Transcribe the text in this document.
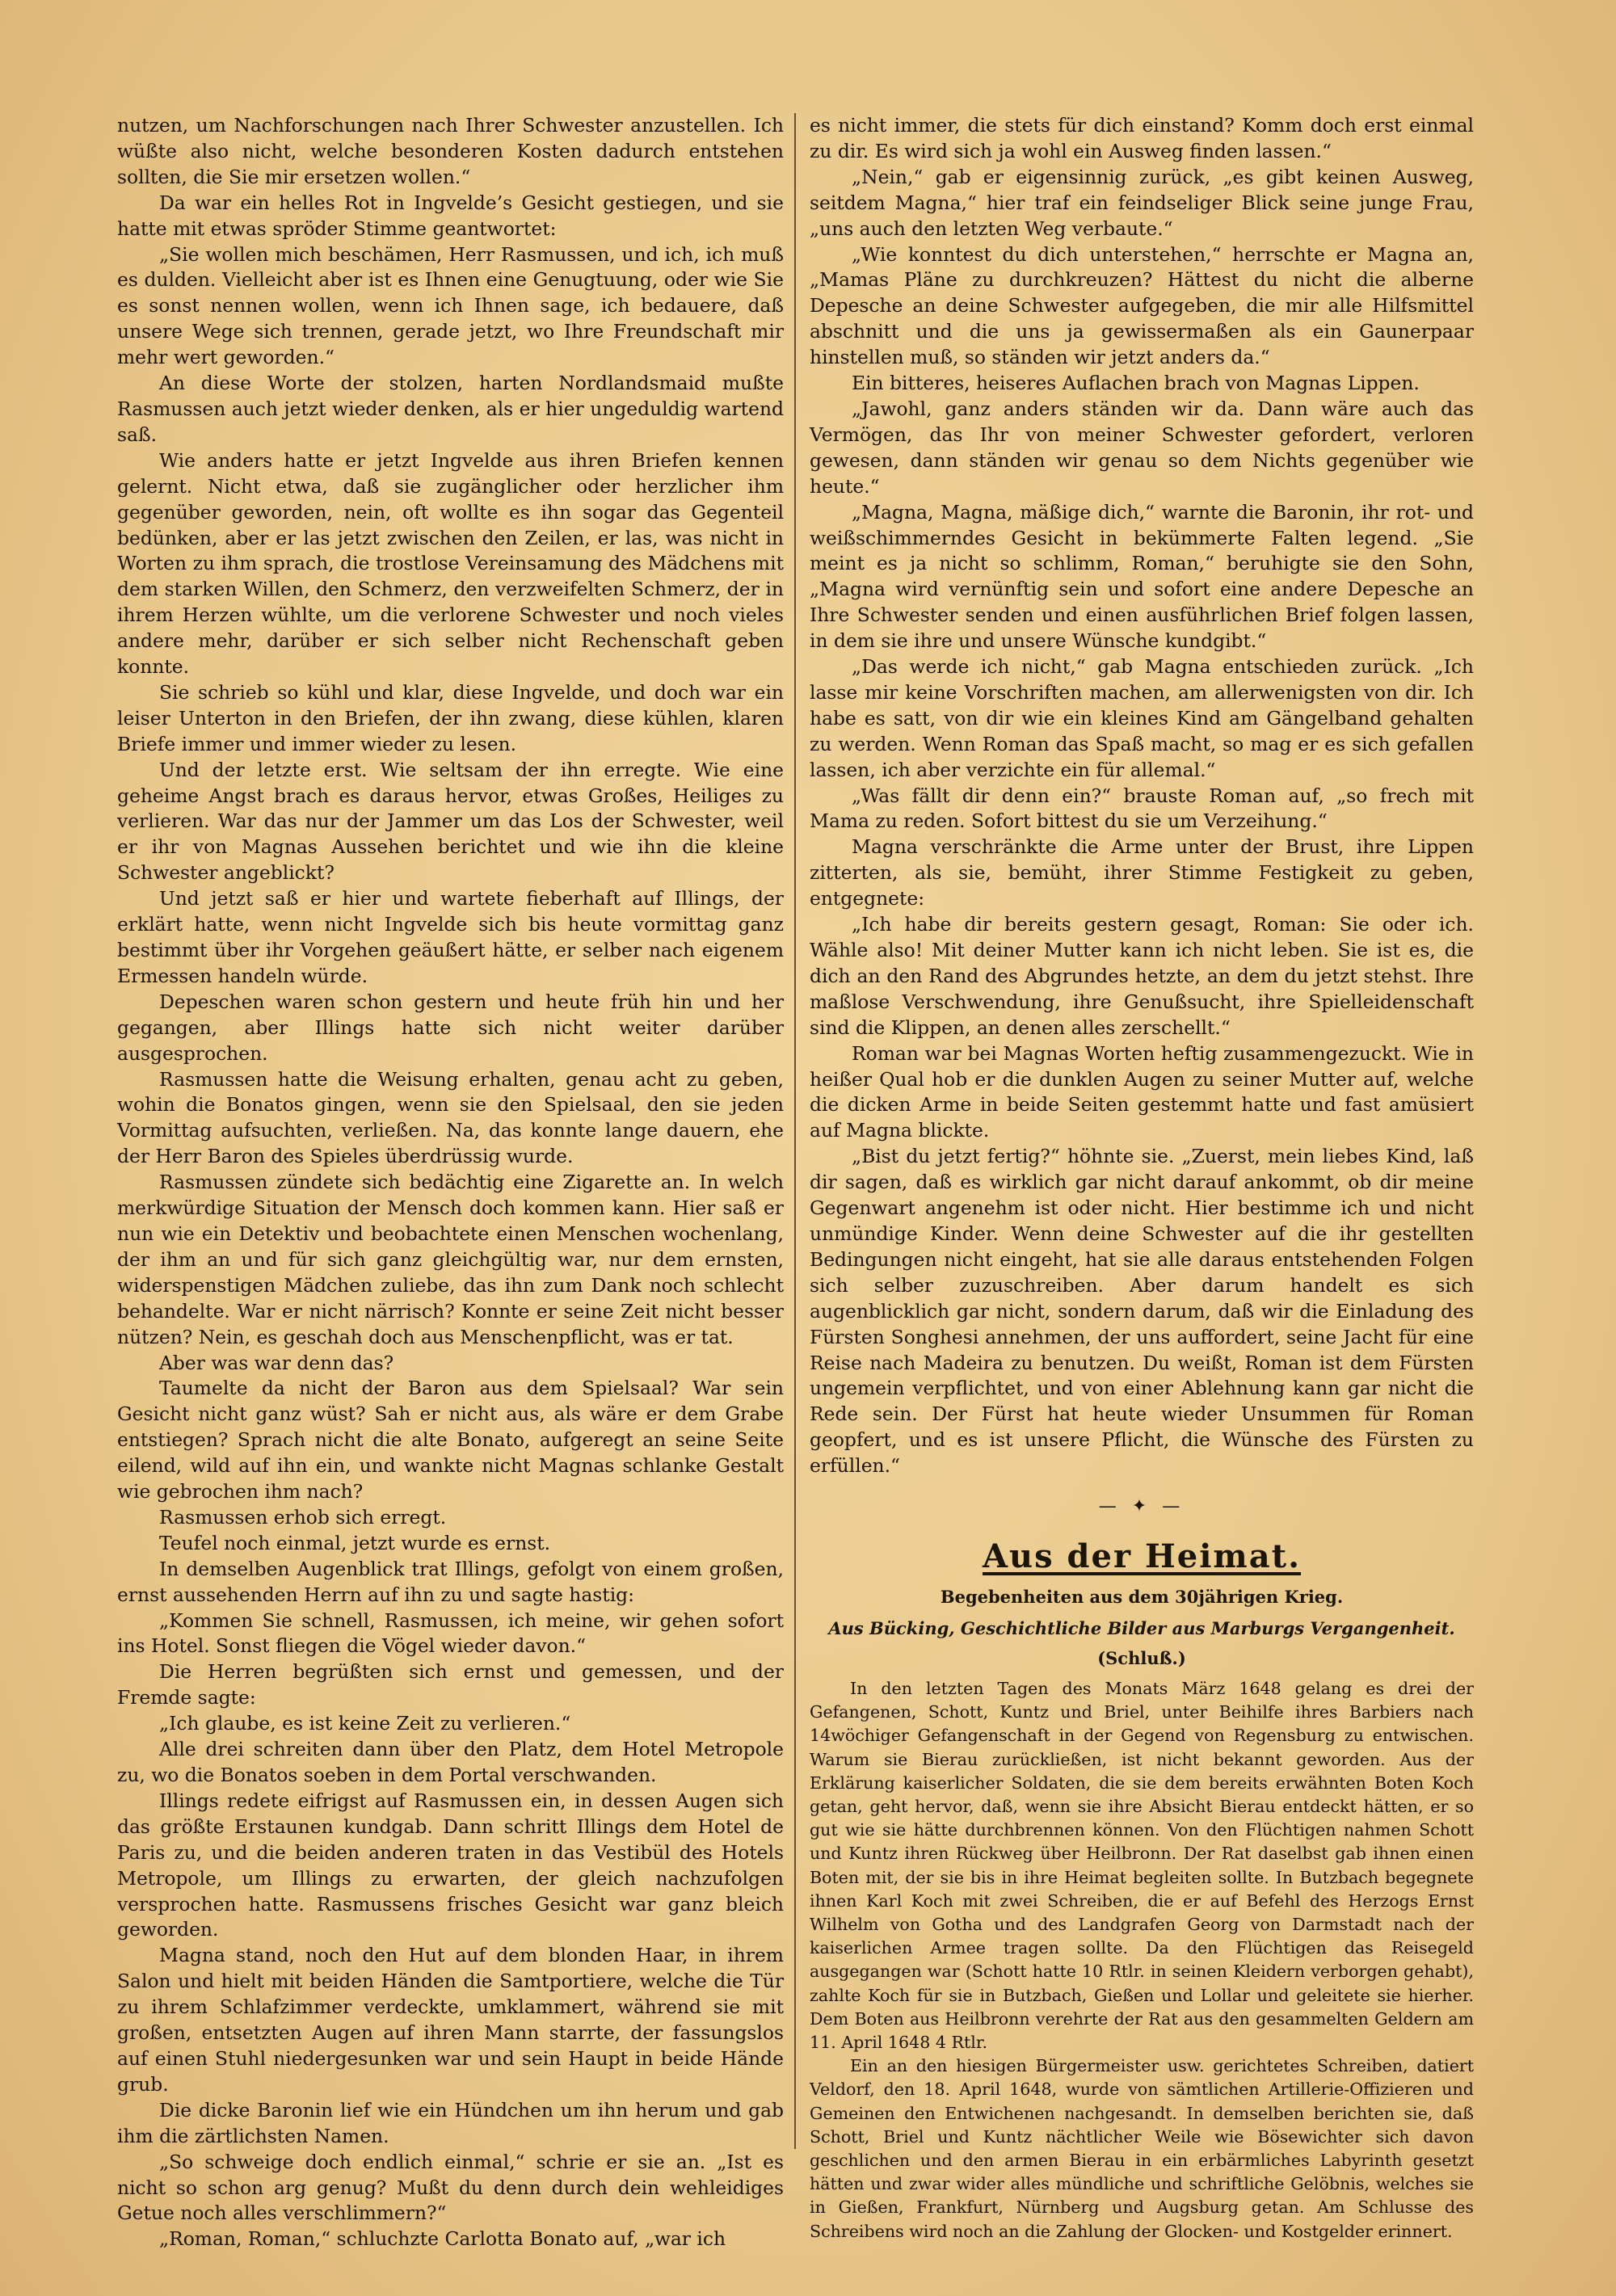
nutzen, um Nachforschungen nach Ihrer Schwester anzustellen. Ich wüßte also nicht, welche besonderen Kosten dadurch entstehen sollten, die Sie mir ersetzen wollen.“

Da war ein helles Rot in Ingvelde’s Gesicht gestiegen, und sie hatte mit etwas spröder Stimme geantwortet:

„Sie wollen mich beschämen, Herr Rasmussen, und ich, ich muß es dulden. Vielleicht aber ist es Ihnen eine Genugtuung, oder wie Sie es sonst nennen wollen, wenn ich Ihnen sage, ich bedauere, daß unsere Wege sich trennen, gerade jetzt, wo Ihre Freundschaft mir mehr wert geworden.“

An diese Worte der stolzen, harten Nordlandsmaid mußte Rasmussen auch jetzt wieder denken, als er hier ungeduldig wartend saß.

Wie anders hatte er jetzt Ingvelde aus ihren Briefen kennen gelernt. Nicht etwa, daß sie zugänglicher oder herzlicher ihm gegenüber geworden, nein, oft wollte es ihn sogar das Gegenteil bedünken, aber er las jetzt zwischen den Zeilen, er las, was nicht in Worten zu ihm sprach, die trostlose Vereinsamung des Mädchens mit dem starken Willen, den Schmerz, den verzweifelten Schmerz, der in ihrem Herzen wühlte, um die verlorene Schwester und noch vieles andere mehr, darüber er sich selber nicht Rechenschaft geben konnte.

Sie schrieb so kühl und klar, diese Ingvelde, und doch war ein leiser Unterton in den Briefen, der ihn zwang, diese kühlen, klaren Briefe immer und immer wieder zu lesen.

Und der letzte erst. Wie seltsam der ihn erregte. Wie eine geheime Angst brach es daraus hervor, etwas Großes, Heiliges zu verlieren. War das nur der Jammer um das Los der Schwester, weil er ihr von Magnas Aussehen berichtet und wie ihn die kleine Schwester angeblickt?

Und jetzt saß er hier und wartete fieberhaft auf Illings, der erklärt hatte, wenn nicht Ingvelde sich bis heute vormittag ganz bestimmt über ihr Vorgehen geäußert hätte, er selber nach eigenem Ermessen handeln würde.

Depeschen waren schon gestern und heute früh hin und her gegangen, aber Illings hatte sich nicht weiter darüber ausgesprochen.

Rasmussen hatte die Weisung erhalten, genau acht zu geben, wohin die Bonatos gingen, wenn sie den Spielsaal, den sie jeden Vormittag aufsuchten, verließen. Na, das konnte lange dauern, ehe der Herr Baron des Spieles überdrüssig wurde.

Rasmussen zündete sich bedächtig eine Zigarette an. In welch merkwürdige Situation der Mensch doch kommen kann. Hier saß er nun wie ein Detektiv und beobachtete einen Menschen wochenlang, der ihm an und für sich ganz gleichgültig war, nur dem ernsten, widerspenstigen Mädchen zuliebe, das ihn zum Dank noch schlecht behandelte. War er nicht närrisch? Konnte er seine Zeit nicht besser nützen? Nein, es geschah doch aus Menschenpflicht, was er tat.

Aber was war denn das?

Taumelte da nicht der Baron aus dem Spielsaal? War sein Gesicht nicht ganz wüst? Sah er nicht aus, als wäre er dem Grabe entstiegen? Sprach nicht die alte Bonato, aufgeregt an seine Seite eilend, wild auf ihn ein, und wankte nicht Magnas schlanke Gestalt wie gebrochen ihm nach?

Rasmussen erhob sich erregt.

Teufel noch einmal, jetzt wurde es ernst.

In demselben Augenblick trat Illings, gefolgt von einem großen, ernst aussehenden Herrn auf ihn zu und sagte hastig:

„Kommen Sie schnell, Rasmussen, ich meine, wir gehen sofort ins Hotel. Sonst fliegen die Vögel wieder davon.“

Die Herren begrüßten sich ernst und gemessen, und der Fremde sagte:

„Ich glaube, es ist keine Zeit zu verlieren.“

Alle drei schreiten dann über den Platz, dem Hotel Metropole zu, wo die Bonatos soeben in dem Portal verschwanden.

Illings redete eifrigst auf Rasmussen ein, in dessen Augen sich das größte Erstaunen kundgab. Dann schritt Illings dem Hotel de Paris zu, und die beiden anderen traten in das Vestibül des Hotels Metropole, um Illings zu erwarten, der gleich nachzufolgen versprochen hatte. Rasmussens frisches Gesicht war ganz bleich geworden.

Magna stand, noch den Hut auf dem blonden Haar, in ihrem Salon und hielt mit beiden Händen die Samtportiere, welche die Tür zu ihrem Schlafzimmer verdeckte, umklammert, während sie mit großen, entsetzten Augen auf ihren Mann starrte, der fassungslos auf einen Stuhl niedergesunken war und sein Haupt in beide Hände grub.

Die dicke Baronin lief wie ein Hündchen um ihn herum und gab ihm die zärtlichsten Namen.

„So schweige doch endlich einmal,“ schrie er sie an. „Ist es nicht so schon arg genug? Mußt du denn durch dein wehleidiges Getue noch alles verschlimmern?“

„Roman, Roman,“ schluchzte Carlotta Bonato auf, „war ich

es nicht immer, die stets für dich einstand? Komm doch erst einmal zu dir. Es wird sich ja wohl ein Ausweg finden lassen.“

„Nein,“ gab er eigensinnig zurück, „es gibt keinen Ausweg, seitdem Magna,“ hier traf ein feindseliger Blick seine junge Frau, „uns auch den letzten Weg verbaute.“

„Wie konntest du dich unterstehen,“ herrschte er Magna an, „Mamas Pläne zu durchkreuzen? Hättest du nicht die alberne Depesche an deine Schwester aufgegeben, die mir alle Hilfsmittel abschnitt und die uns ja gewissermaßen als ein Gaunerpaar hinstellen muß, so ständen wir jetzt anders da.“

Ein bitteres, heiseres Auflachen brach von Magnas Lippen.

„Jawohl, ganz anders ständen wir da. Dann wäre auch das Vermögen, das Ihr von meiner Schwester gefordert, verloren gewesen, dann ständen wir genau so dem Nichts gegenüber wie heute.“

„Magna, Magna, mäßige dich,“ warnte die Baronin, ihr rot- und weißschimmerndes Gesicht in bekümmerte Falten legend. „Sie meint es ja nicht so schlimm, Roman,“ beruhigte sie den Sohn, „Magna wird vernünftig sein und sofort eine andere Depesche an Ihre Schwester senden und einen ausführlichen Brief folgen lassen, in dem sie ihre und unsere Wünsche kundgibt.“

„Das werde ich nicht,“ gab Magna entschieden zurück. „Ich lasse mir keine Vorschriften machen, am allerwenigsten von dir. Ich habe es satt, von dir wie ein kleines Kind am Gängelband gehalten zu werden. Wenn Roman das Spaß macht, so mag er es sich gefallen lassen, ich aber verzichte ein für allemal.“

„Was fällt dir denn ein?“ brauste Roman auf, „so frech mit Mama zu reden. Sofort bittest du sie um Verzeihung.“

Magna verschränkte die Arme unter der Brust, ihre Lippen zitterten, als sie, bemüht, ihrer Stimme Festigkeit zu geben, entgegnete:

„Ich habe dir bereits gestern gesagt, Roman: Sie oder ich. Wähle also! Mit deiner Mutter kann ich nicht leben. Sie ist es, die dich an den Rand des Abgrundes hetzte, an dem du jetzt stehst. Ihre maßlose Verschwendung, ihre Genußsucht, ihre Spielleidenschaft sind die Klippen, an denen alles zerschellt.“

Roman war bei Magnas Worten heftig zusammengezuckt. Wie in heißer Qual hob er die dunklen Augen zu seiner Mutter auf, welche die dicken Arme in beide Seiten gestemmt hatte und fast amüsiert auf Magna blickte.

„Bist du jetzt fertig?“ höhnte sie. „Zuerst, mein liebes Kind, laß dir sagen, daß es wirklich gar nicht darauf ankommt, ob dir meine Gegenwart angenehm ist oder nicht. Hier bestimme ich und nicht unmündige Kinder. Wenn deine Schwester auf die ihr gestellten Bedingungen nicht eingeht, hat sie alle daraus entstehenden Folgen sich selber zuzuschreiben. Aber darum handelt es sich augenblicklich gar nicht, sondern darum, daß wir die Einladung des Fürsten Songhesi annehmen, der uns auffordert, seine Jacht für eine Reise nach Madeira zu benutzen. Du weißt, Roman ist dem Fürsten ungemein verpflichtet, und von einer Ablehnung kann gar nicht die Rede sein. Der Fürst hat heute wieder Unsummen für Roman geopfert, und es ist unsere Pflicht, die Wünsche des Fürsten zu erfüllen.“

— ✦ —
Aus der Heimat.
Begebenheiten aus dem 30jährigen Krieg.
Aus Bücking, Geschichtliche Bilder aus Marburgs Vergangenheit.
(Schluß.)

In den letzten Tagen des Monats März 1648 gelang es drei der Gefangenen, Schott, Kuntz und Briel, unter Beihilfe ihres Barbiers nach 14wöchiger Gefangenschaft in der Gegend von Regensburg zu entwischen. Warum sie Bierau zurückließen, ist nicht bekannt geworden. Aus der Erklärung kaiserlicher Soldaten, die sie dem bereits erwähnten Boten Koch getan, geht hervor, daß, wenn sie ihre Absicht Bierau entdeckt hätten, er so gut wie sie hätte durchbrennen können. Von den Flüchtigen nahmen Schott und Kuntz ihren Rückweg über Heilbronn. Der Rat daselbst gab ihnen einen Boten mit, der sie bis in ihre Heimat begleiten sollte. In Butzbach begegnete ihnen Karl Koch mit zwei Schreiben, die er auf Befehl des Herzogs Ernst Wilhelm von Gotha und des Landgrafen Georg von Darmstadt nach der kaiserlichen Armee tragen sollte. Da den Flüchtigen das Reisegeld ausgegangen war (Schott hatte 10 Rtlr. in seinen Kleidern verborgen gehabt), zahlte Koch für sie in Butzbach, Gießen und Lollar und geleitete sie hierher. Dem Boten aus Heilbronn verehrte der Rat aus den gesammelten Geldern am 11. April 1648 4 Rtlr.

Ein an den hiesigen Bürgermeister usw. gerichtetes Schreiben, datiert Veldorf, den 18. April 1648, wurde von sämtlichen Artillerie-Offizieren und Gemeinen den Entwichenen nachgesandt. In demselben berichten sie, daß Schott, Briel und Kuntz nächtlicher Weile wie Bösewichter sich davon geschlichen und den armen Bierau in ein erbärmliches Labyrinth gesetzt hätten und zwar wider alles mündliche und schriftliche Gelöbnis, welches sie in Gießen, Frankfurt, Nürnberg und Augsburg getan. Am Schlusse des Schreibens wird noch an die Zahlung der Glocken- und Kostgelder erinnert.
